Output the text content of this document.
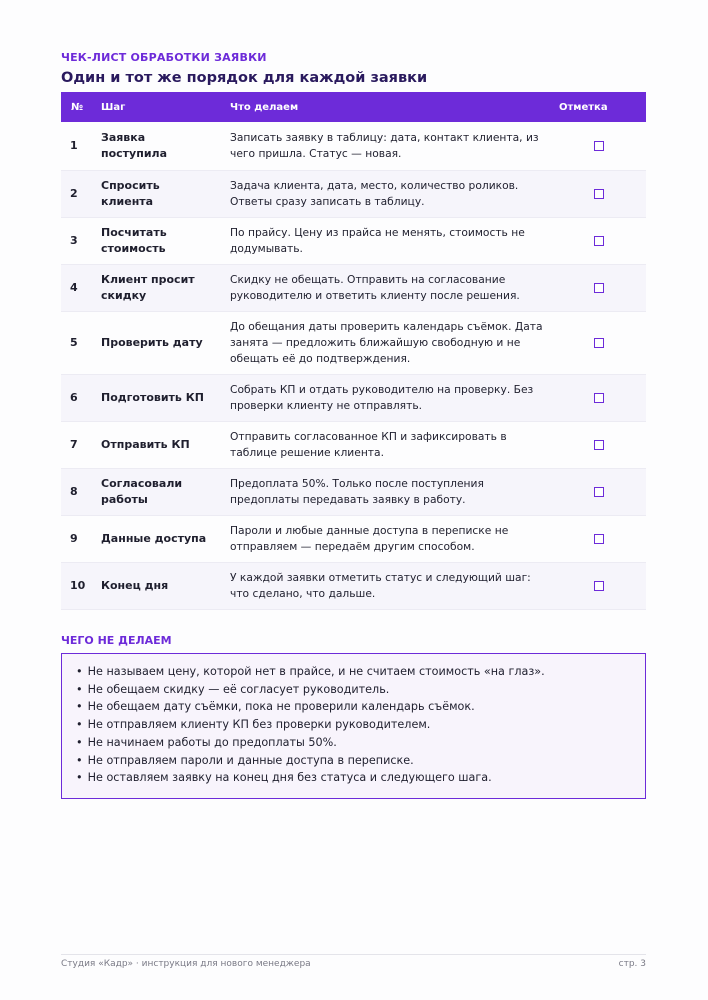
ЧЕК-ЛИСТ ОБРАБОТКИ ЗАЯВКИ
Один и тот же порядок для каждой заявки
№	Шаг	Что делаем	Отметка
1	Заявка поступила	Записать заявку в таблицу: дата, контакт клиента, из чего пришла. Статус — новая.	
2	Спросить клиента	Задача клиента, дата, место, количество роликов. Ответы сразу записать в таблицу.	
3	Посчитать стоимость	По прайсу. Цену из прайса не менять, стоимость не додумывать.	
4	Клиент просит скидку	Скидку не обещать. Отправить на согласование руководителю и ответить клиенту после решения.	
5	Проверить дату	До обещания даты проверить календарь съёмок. Дата занята — предложить ближайшую свободную и не обещать её до подтверждения.	
6	Подготовить КП	Собрать КП и отдать руководителю на проверку. Без проверки клиенту не отправлять.	
7	Отправить КП	Отправить согласованное КП и зафиксировать в таблице решение клиента.	
8	Согласовали работы	Предоплата 50%. Только после поступления предоплаты передавать заявку в работу.	
9	Данные доступа	Пароли и любые данные доступа в переписке не отправляем — передаём другим способом.	
10	Конец дня	У каждой заявки отметить статус и следующий шаг: что сделано, что дальше.	
ЧЕГО НЕ ДЕЛАЕМ
• Не называем цену, которой нет в прайсе, и не считаем стоимость «на глаз».
• Не обещаем скидку — её согласует руководитель.
• Не обещаем дату съёмки, пока не проверили календарь съёмок.
• Не отправляем клиенту КП без проверки руководителем.
• Не начинаем работы до предоплаты 50%.
• Не отправляем пароли и данные доступа в переписке.
• Не оставляем заявку на конец дня без статуса и следующего шага.
Студия «Кадр» · инструкция для нового менеджера	стр. 3
